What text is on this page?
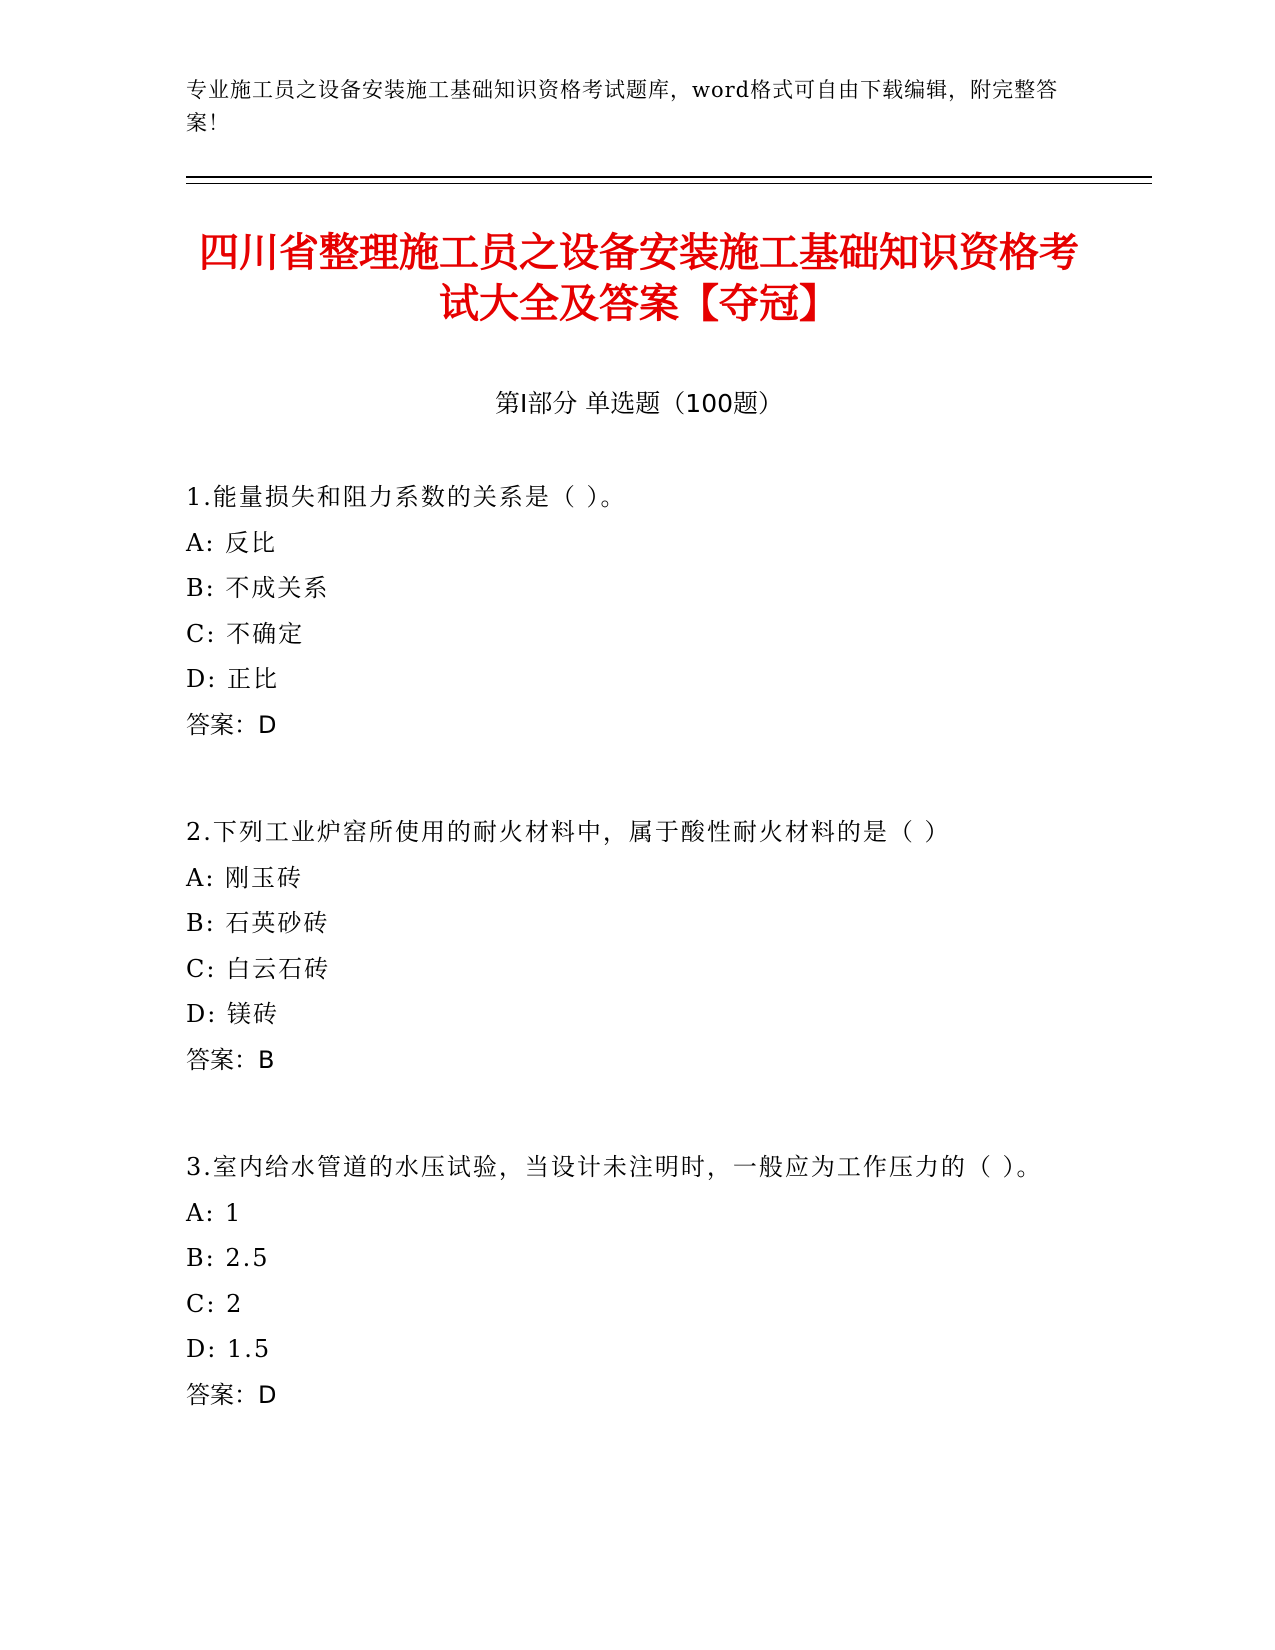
专业施工员之设备安装施工基础知识资格考试题库，word格式可自由下载编辑，附完整答案！
四川省整理施工员之设备安装施工基础知识资格考试大全及答案【夺冠】
第Ⅰ部分 单选题（100题）
1.能量损失和阻力系数的关系是（ ）。
A: 反比
B: 不成关系
C: 不确定
D: 正比
答案：D
2.下列工业炉窑所使用的耐火材料中，属于酸性耐火材料的是（ ）
A: 刚玉砖
B: 石英砂砖
C: 白云石砖
D: 镁砖
答案：B
3.室内给水管道的水压试验，当设计未注明时，一般应为工作压力的（ ）。
A: 1
B: 2.5
C: 2
D: 1.5
答案：D
